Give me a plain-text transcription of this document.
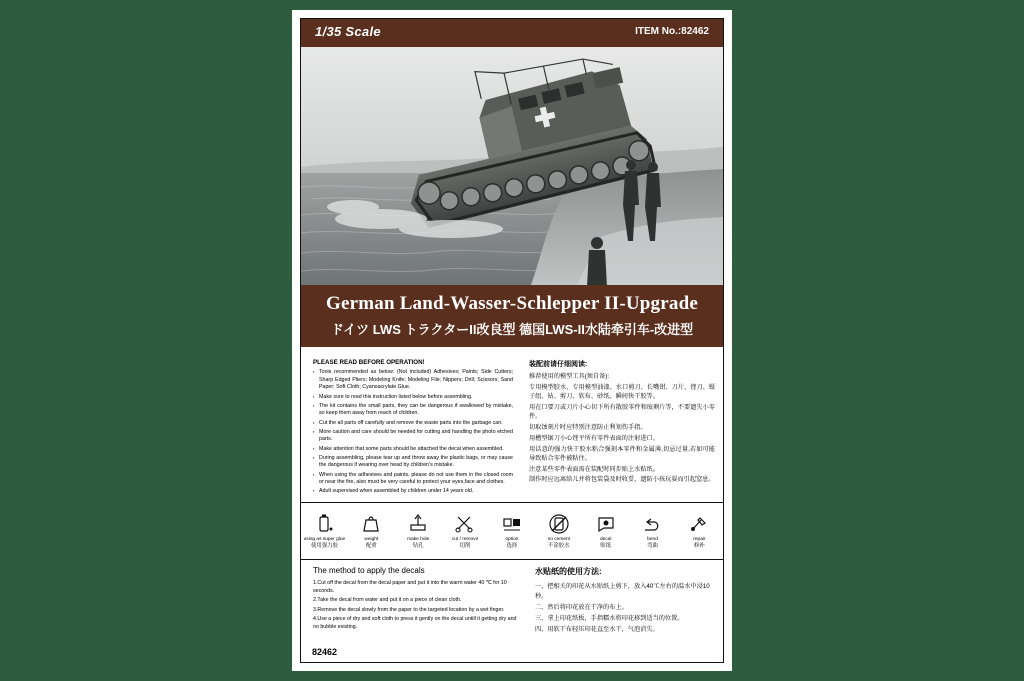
1/35 Scale	ITEM No.:82462
German Land-Wasser-Schlepper II-Upgrade
ドイツ LWS トラクターII改良型 德国LWS-II水陆牵引车-改进型
PLEASE READ BEFORE OPERATION!
▪ Toois recommended as below: (Not included) Adhesives; Paints; Side Cutters; Sharp Edged Pliers; Modeling Knife; Modeling File; Nippers; Drill; Scissors; Sand Paper; Soft Cloth; Cyanoacrylate Glue.
▪ Make sure to read this instruction listed below before assembling.
▪ The kit contains the small parts, they can be dangerous if swallowed by mistake, so keep them away from reach of children.
▪ Cut the all parts off carefully and remove the waste parts into the garbage can.
▪ More caution and care should be needed for cutting and handling the photo etched parts.
▪ Make attention that some parts should be attached the decal when assembled.
▪ During assembling, please tear up and throw away the plastic bags, or may cause the dangerous if wearing over head by children's mistake.
▪ When using the adhesives and paints, please do not use them in the closed room or near the fire, also must be very careful to protect your eyes,face and clothes.
▪ Adult supervised when assembled by children under 14 years old.
装配前请仔细阅读:
推荐使用的模型工具(须自备):
专用模型胶水、专用模型油漆、水口剪刀、长嘴钳、刀片、锉刀、镊子组、钻、剪刀、软布、砂纸、瞬间快干胶等。
用在口要刀或刀片小心切下所有散胶零件和废剩片等，不要遗失小零件。
切取蚀刻片时应特别注意防止利划伤手指。
用槽型锯刀小心锉平所有零件表面的注射进口。
用话意的强力快干胶水粘合强刻本零件和金属薄,切忌过量,若如可能导致贴合零件被粘住。
注意某些零件表面需在装配时同步贴上水贴纸。
制作时应远离给儿并将包装袋及时收妥，遗防小孩玩耍而引起窒息。
using as super glue
使用强力胶
weight
配重
make hole
钻孔
cut / remove
切削
option
选择
no cement
不涂胶水
decal
贴纸
bend
弯曲
repair
修补
The method to apply the decals
1.Cut off the decal from the decal paper and put it into the warm water 40 ℃ for 10 seconds.
2.Take the decal from water and put it on a piece of clean cloth.
3.Remove the decal slowly from the paper to the targeted location by a wet finger.
4.Use a piece of dry and soft cloth to press it gently on the decal untill it getting dry and no bubble existing.
水贴纸的使用方法:
一、把相关的印花从水贴纸上剪下，放入40℃左右的温水中浸10秒。
二、然后将印花放在干净的布上。
三、拿上印花纸板，手指糯水将印花移到适当的位置。
四、用软干布轻压印花直至水干，气泡消失。
82462
